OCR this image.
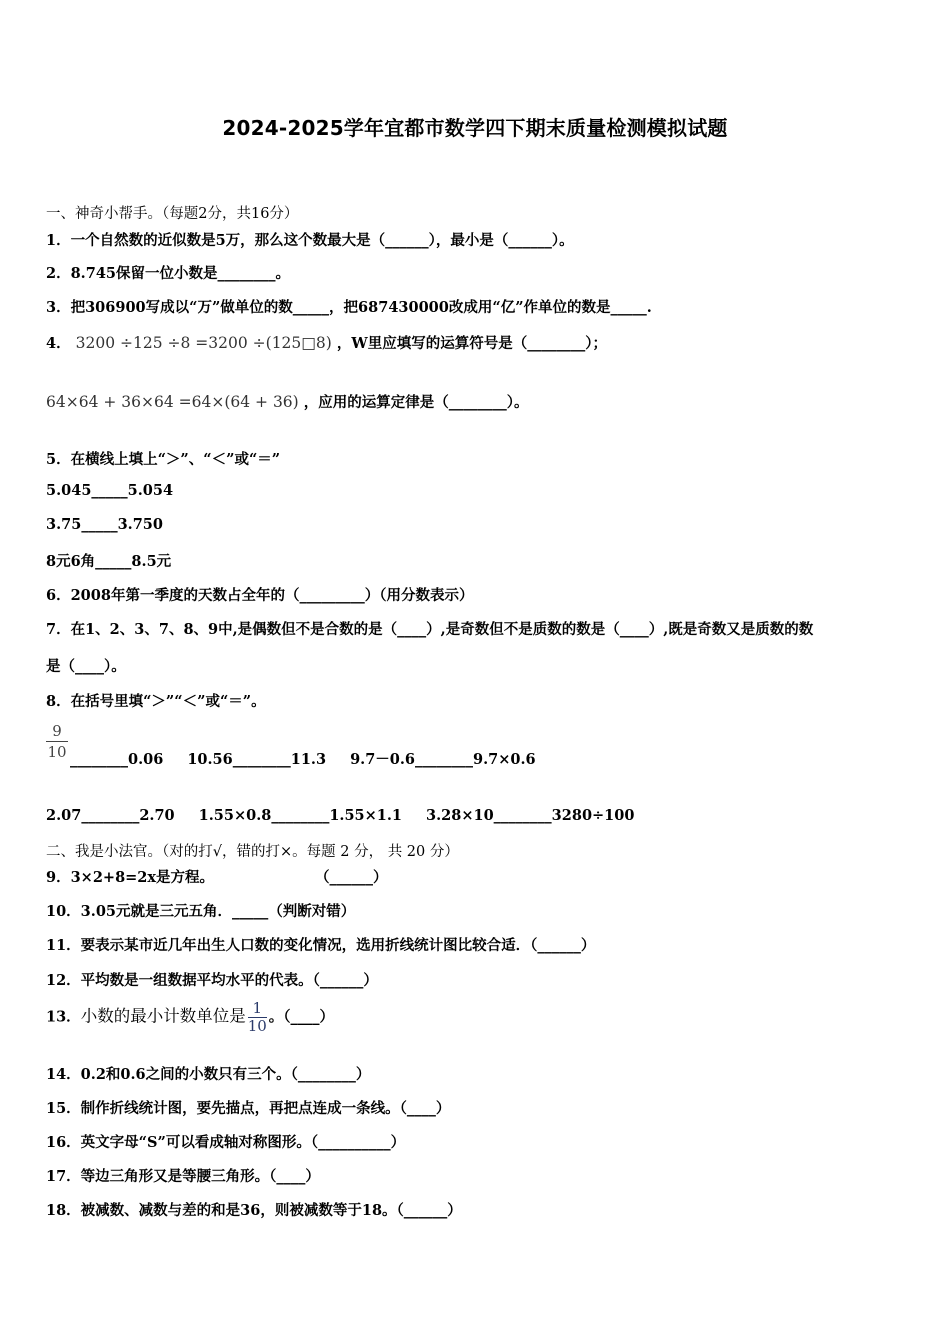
2024-2025学年宜都市数学四下期末质量检测模拟试题
一、神奇小帮手。（每题2分，共16分）
1．一个自然数的近似数是5万，那么这个数最大是（______），最小是（______）。
2．8.745保留一位小数是________。
3．把306900写成以“万”做单位的数_____，把687430000改成用“亿”作单位的数是_____.
4． 3200 ÷125 ÷8 =3200 ÷(125□8) ，W里应填写的运算符号是（________）；
64×64 + 36×64 =64×(64 + 36) ，应用的运算定律是（________）。
5．在横线上填上“＞”、“＜”或“＝”
5.045_____5.054
3.75_____3.750
8元6角_____8.5元
6．2008年第一季度的天数占全年的（_________）（用分数表示）
7．在1、2、3、7、8、9中,是偶数但不是合数的是（____）,是奇数但不是质数的数是（____）,既是奇数又是质数的数
是（____）。
8．在括号里填“＞”“＜”或“＝”。
9
10 ________0.06 10.56________11.3 9.7－0.6________9.7×0.6
2.07________2.70 1.55×0.8________1.55×1.1 3.28×10________3280÷100
二、我是小法官。（对的打√，错的打×。每题 2 分， 共 20 分）
9．3×2+8=2x是方程。                    （______）
10．3.05元就是三元五角．_____（判断对错）
11．要表示某市近几年出生人口数的变化情况，选用折线统计图比较合适．（______）
12．平均数是一组数据平均水平的代表。（______）
13．小数的最小计数单位是 $\frac{1}{10}$ 。（____）
14．0.2和0.6之间的小数只有三个。（________）
15．制作折线统计图，要先描点，再把点连成一条线。（____）
16．英文字母“S”可以看成轴对称图形。（__________）
17．等边三角形又是等腰三角形。（____）
18．被减数、减数与差的和是36，则被减数等于18。（______）
